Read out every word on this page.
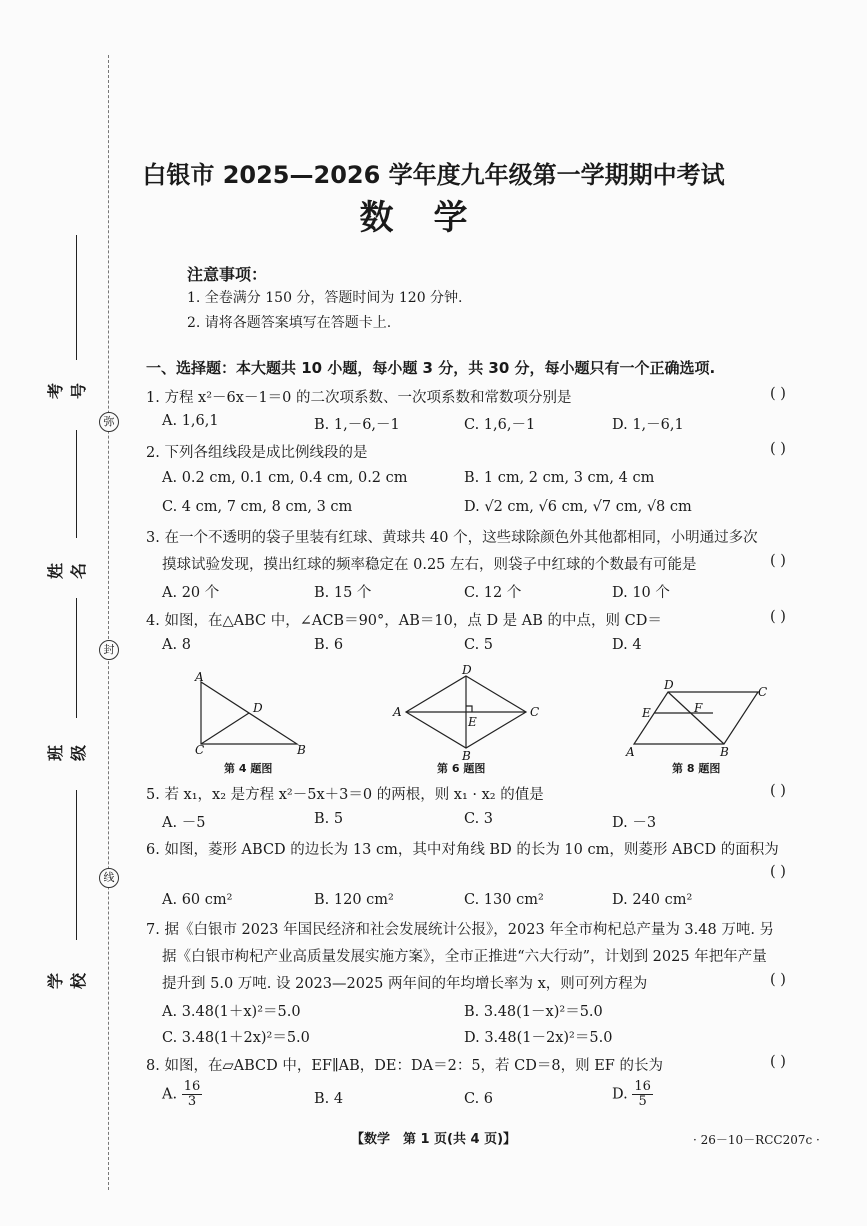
考号
弥
姓名
封
班级
线
学校
白银市 2025—2026 学年度九年级第一学期期中考试
数学
注意事项：
1. 全卷满分 150 分，答题时间为 120 分钟.
2. 请将各题答案填写在答题卡上.
一、选择题：本大题共 10 小题，每小题 3 分，共 30 分，每小题只有一个正确选项.
1. 方程 x²－6x－1＝0 的二次项系数、一次项系数和常数项分别是	( )
A. 1,6,1	B. 1,－6,－1	C. 1,6,－1	D. 1,－6,1
2. 下列各组线段是成比例线段的是	( )
A. 0.2 cm, 0.1 cm, 0.4 cm, 0.2 cm	B. 1 cm, 2 cm, 3 cm, 4 cm
C. 4 cm, 7 cm, 8 cm, 3 cm	D. √2 cm, √6 cm, √7 cm, √8 cm
3. 在一个不透明的袋子里装有红球、黄球共 40 个，这些球除颜色外其他都相同，小明通过多次
摸球试验发现，摸出红球的频率稳定在 0.25 左右，则袋子中红球的个数最有可能是	( )
A. 20 个	B. 15 个	C. 12 个	D. 10 个
4. 如图，在△ABC 中，∠ACB＝90°，AB＝10，点 D 是 AB 的中点，则 CD＝	( )
A. 8	B. 6	C. 5	D. 4
A
B
C
D
第 4 题图
A
B
C
D
E
第 6 题图
D	C
E	F
A	B
第 8 题图
5. 若 x₁，x₂ 是方程 x²－5x＋3＝0 的两根，则 x₁ · x₂ 的值是	( )
A. －5	B. 5	C. 3	D. －3
6. 如图，菱形 ABCD 的边长为 13 cm，其中对角线 BD 的长为 10 cm，则菱形 ABCD 的面积为
( )
A. 60 cm²	B. 120 cm²	C. 130 cm²	D. 240 cm²
7. 据《白银市 2023 年国民经济和社会发展统计公报》，2023 年全市枸杞总产量为 3.48 万吨. 另
据《白银市枸杞产业高质量发展实施方案》，全市正推进“六大行动”，计划到 2025 年把年产量
提升到 5.0 万吨. 设 2023—2025 两年间的年均增长率为 x，则可列方程为	( )
A. 3.48(1＋x)²＝5.0	B. 3.48(1－x)²＝5.0
C. 3.48(1＋2x)²＝5.0	D. 3.48(1－2x)²＝5.0
8. 如图，在▱ABCD 中，EF∥AB，DE：DA＝2：5，若 CD＝8，则 EF 的长为	( )
A. $\frac{16}{3}$	B. 4	C. 6	D. $\frac{16}{5}$
【数学　第 1 页(共 4 页)】	· 26－10－RCC207c ·
